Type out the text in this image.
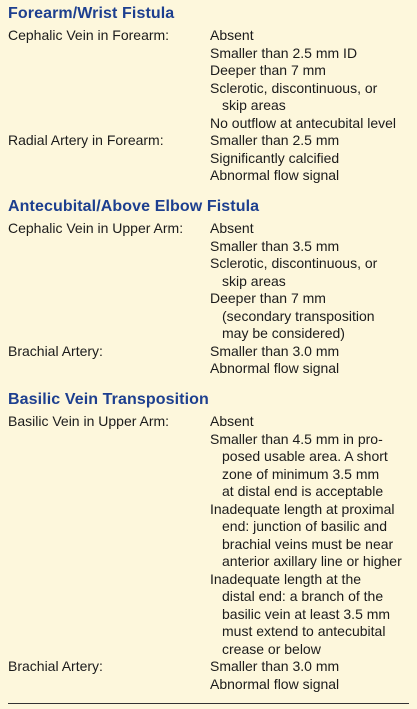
Forearm/Wrist Fistula
Cephalic Vein in Forearm:	Absent
Smaller than 2.5 mm ID
Deeper than 7 mm
Sclerotic, discontinuous, or
skip areas
No outflow at antecubital level
Radial Artery in Forearm:	Smaller than 2.5 mm
Significantly calcified
Abnormal flow signal
Antecubital/Above Elbow Fistula
Cephalic Vein in Upper Arm: Absent
Smaller than 3.5 mm
Sclerotic, discontinuous, or
skip areas
Deeper than 7 mm
(secondary transposition
may be considered)
Brachial Artery:	Smaller than 3.0 mm
Abnormal flow signal
Basilic Vein Transposition
Basilic Vein in Upper Arm:	Absent
Smaller than 4.5 mm in pro-
posed usable area. A short
zone of minimum 3.5 mm
at distal end is acceptable
Inadequate length at proximal
end: junction of basilic and
brachial veins must be near
anterior axillary line or higher
Inadequate length at the
distal end: a branch of the
basilic vein at least 3.5 mm
must extend to antecubital
crease or below
Brachial Artery:	Smaller than 3.0 mm
Abnormal flow signal
